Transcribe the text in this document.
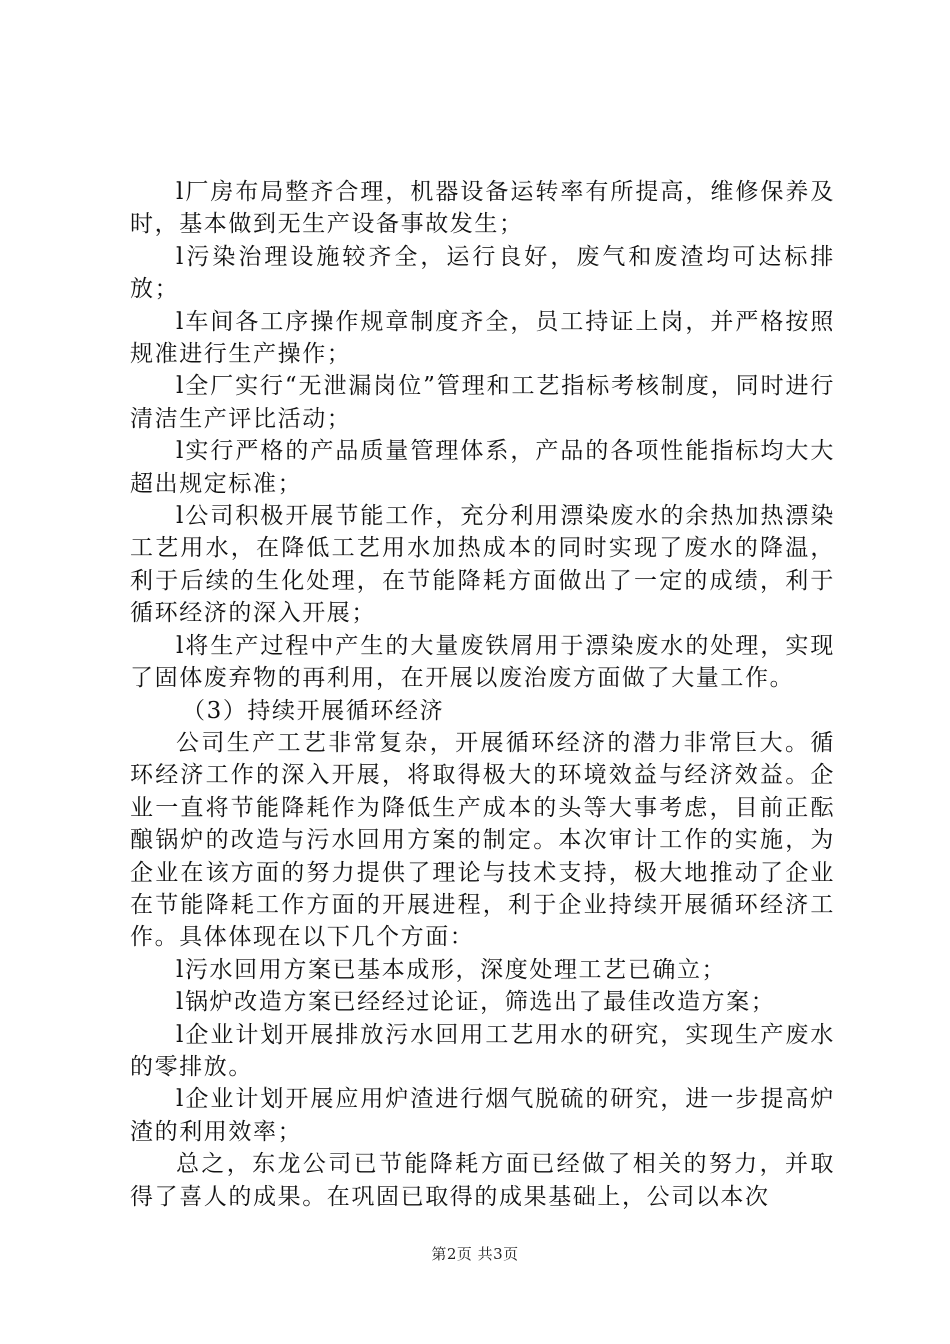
l厂房布局整齐合理，机器设备运转率有所提高，维修保养及时，基本做到无生产设备事故发生；

l污染治理设施较齐全，运行良好，废气和废渣均可达标排放；

l车间各工序操作规章制度齐全，员工持证上岗，并严格按照规准进行生产操作；

l全厂实行“无泄漏岗位”管理和工艺指标考核制度，同时进行清洁生产评比活动；

l实行严格的产品质量管理体系，产品的各项性能指标均大大超出规定标准；

l公司积极开展节能工作，充分利用漂染废水的余热加热漂染工艺用水，在降低工艺用水加热成本的同时实现了废水的降温，利于后续的生化处理，在节能降耗方面做出了一定的成绩，利于循环经济的深入开展；

l将生产过程中产生的大量废铁屑用于漂染废水的处理，实现了固体废弃物的再利用，在开展以废治废方面做了大量工作。

（3）持续开展循环经济

公司生产工艺非常复杂，开展循环经济的潜力非常巨大。循环经济工作的深入开展，将取得极大的环境效益与经济效益。企业一直将节能降耗作为降低生产成本的头等大事考虑，目前正酝酿锅炉的改造与污水回用方案的制定。本次审计工作的实施，为企业在该方面的努力提供了理论与技术支持，极大地推动了企业在节能降耗工作方面的开展进程，利于企业持续开展循环经济工作。具体体现在以下几个方面：

l污水回用方案已基本成形，深度处理工艺已确立；

l锅炉改造方案已经经过论证，筛选出了最佳改造方案；

l企业计划开展排放污水回用工艺用水的研究，实现生产废水的零排放。

l企业计划开展应用炉渣进行烟气脱硫的研究，进一步提高炉渣的利用效率；

总之，东龙公司已节能降耗方面已经做了相关的努力，并取得了喜人的成果。在巩固已取得的成果基础上，公司以本次

第2页 共3页
